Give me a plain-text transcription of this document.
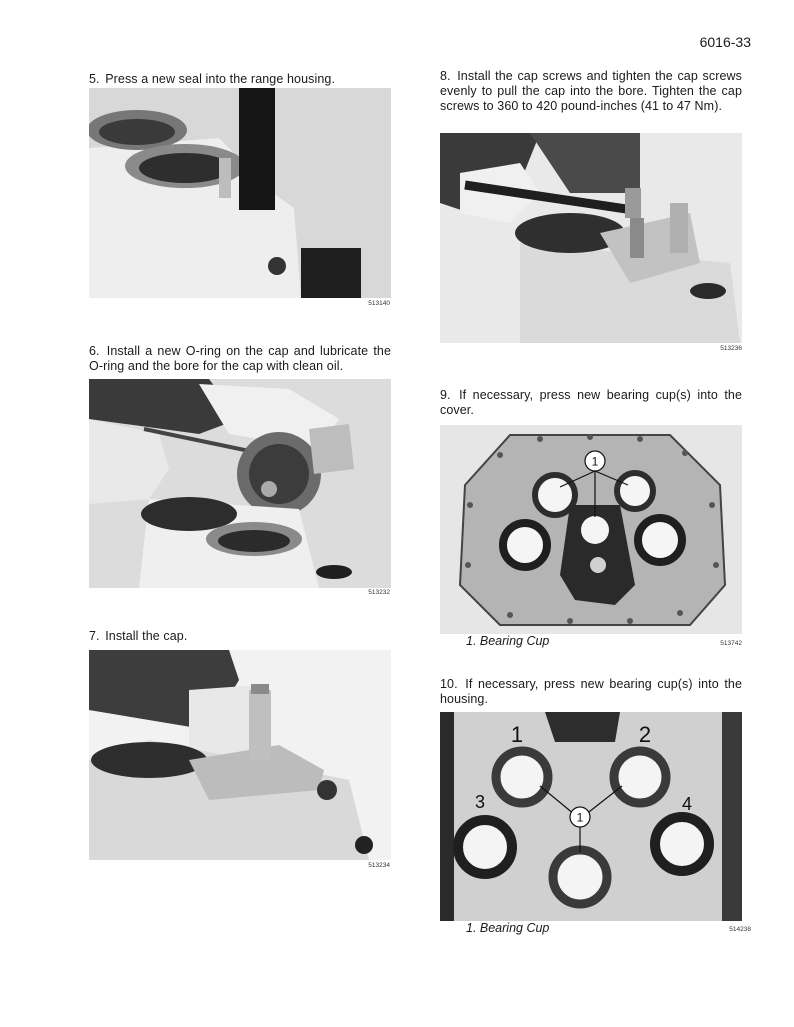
6016-33
5. Press a new seal into the range housing.
513140
6. Install a new O-ring on the cap and lubricate the O-ring and the bore for the cap with clean oil.
513232
7. Install the cap.
513234
8. Install the cap screws and tighten the cap screws evenly to pull the cap into the bore. Tighten the cap screws to 360 to 420 pound-inches (41 to 47 Nm).
513236
9. If necessary, press new bearing cup(s) into the cover.
1
1. Bearing Cup	513742
10. If necessary, press new bearing cup(s) into the housing.
1
1	2
3	4
1. Bearing Cup	514238
